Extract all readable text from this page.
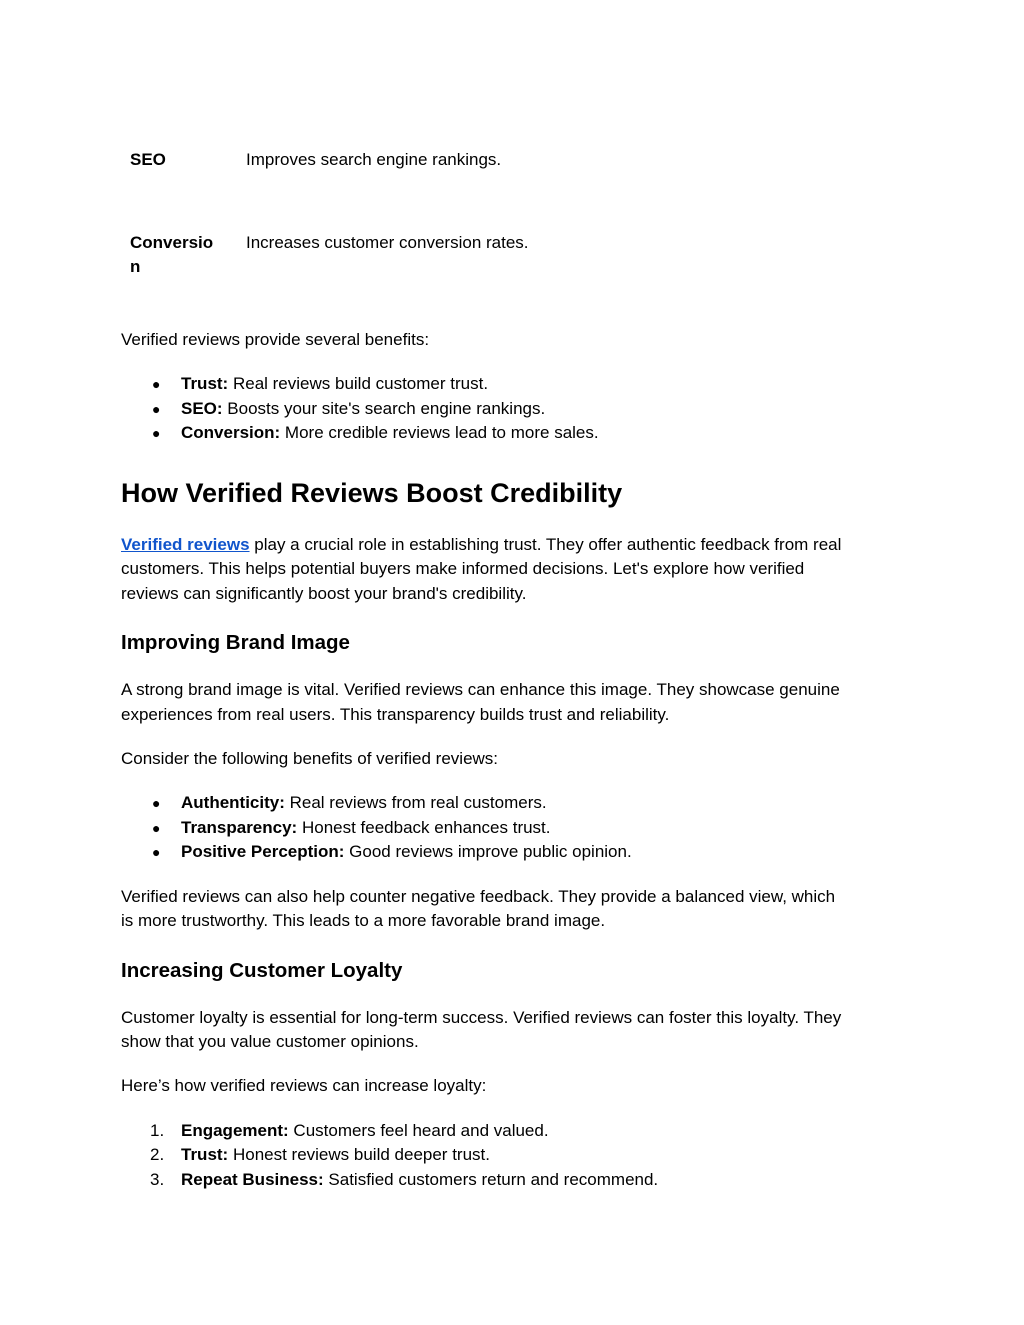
SEO	Improves search engine rankings.
Conversio
n
Increases customer conversion rates.
Verified reviews provide several benefits:
● Trust: Real reviews build customer trust.
● SEO: Boosts your site's search engine rankings.
● Conversion: More credible reviews lead to more sales.
How Verified Reviews Boost Credibility
Verified reviews play a crucial role in establishing trust. They offer authentic feedback from real
customers. This helps potential buyers make informed decisions. Let's explore how verified
reviews can significantly boost your brand's credibility.
Improving Brand Image
A strong brand image is vital. Verified reviews can enhance this image. They showcase genuine
experiences from real users. This transparency builds trust and reliability.
Consider the following benefits of verified reviews:
● Authenticity: Real reviews from real customers.
● Transparency: Honest feedback enhances trust.
● Positive Perception: Good reviews improve public opinion.
Verified reviews can also help counter negative feedback. They provide a balanced view, which
is more trustworthy. This leads to a more favorable brand image.
Increasing Customer Loyalty
Customer loyalty is essential for long-term success. Verified reviews can foster this loyalty. They
show that you value customer opinions.
Here’s how verified reviews can increase loyalty:
1. Engagement: Customers feel heard and valued.
2. Trust: Honest reviews build deeper trust.
3. Repeat Business: Satisfied customers return and recommend.
